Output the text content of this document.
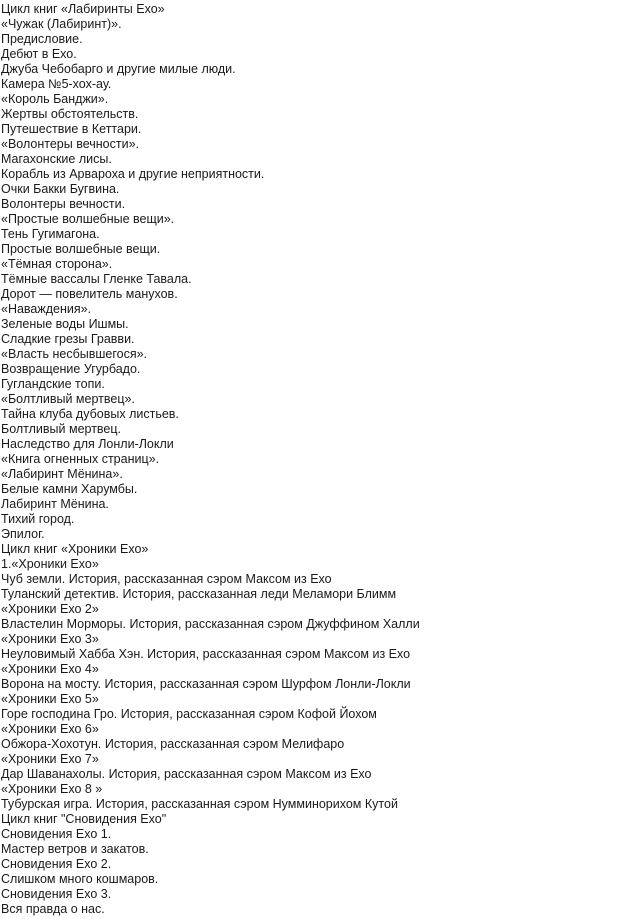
Цикл книг «Лабиринты Ехо»
«Чужак (Лабиринт)».
Предисловие.
Дебют в Ехо.
Джуба Чебобарго и другие милые люди.
Камера №5-хох-ау.
«Король Банджи».
Жертвы обстоятельств.
Путешествие в Кеттари.
«Волонтеры вечности».
Магахонские лисы.
Корабль из Арвароха и другие неприятности.
Очки Бакки Бугвина.
Волонтеры вечности.
«Простые волшебные вещи».
Тень Гугимагона.
Простые волшебные вещи.
«Тёмная сторона».
Тёмные вассалы Гленке Тавала.
Дорот — повелитель манухов.
«Наваждения».
Зеленые воды Ишмы.
Сладкие грезы Гравви.
«Власть несбывшегося».
Возвращение Угурбадо.
Гугландские топи.
«Болтливый мертвец».
Тайна клуба дубовых листьев.
Болтливый мертвец.
Наследство для Лонли-Локли
«Книга огненных страниц».
«Лабиринт Мёнина».
Белые камни Харумбы.
Лабиринт Мёнина.
Тихий город.
Эпилог.
Цикл книг «Хроники Ехо»
1.«Хроники Ехо»
Чуб земли. История, рассказанная сэром Максом из Ехо
Туланский детектив. История, рассказанная леди Меламори Блимм
«Хроники Ехо 2»
Властелин Морморы. История, рассказанная сэром Джуффином Халли
«Хроники Ехо 3»
Неуловимый Хабба Хэн. История, рассказанная сэром Максом из Ехо
«Хроники Ехо 4»
Ворона на мосту. История, рассказанная сэром Шурфом Лонли-Локли
«Хроники Ехо 5»
Горе господина Гро. История, рассказанная сэром Кофой Йохом
«Хроники Ехо 6»
Обжора-Хохотун. История, рассказанная сэром Мелифаро
«Хроники Ехо 7»
Дар Шаванахолы. История, рассказанная сэром Максом из Ехо
«Хроники Ехо 8 »
Тубурская игра. История, рассказанная сэром Нумминорихом Кутой
Цикл книг "Сновидения Ехо"
Сновидения Ехо 1.
Мастер ветров и закатов.
Сновидения Ехо 2.
Слишком много кошмаров.
Сновидения Ехо 3.
Вся правда о нас.
